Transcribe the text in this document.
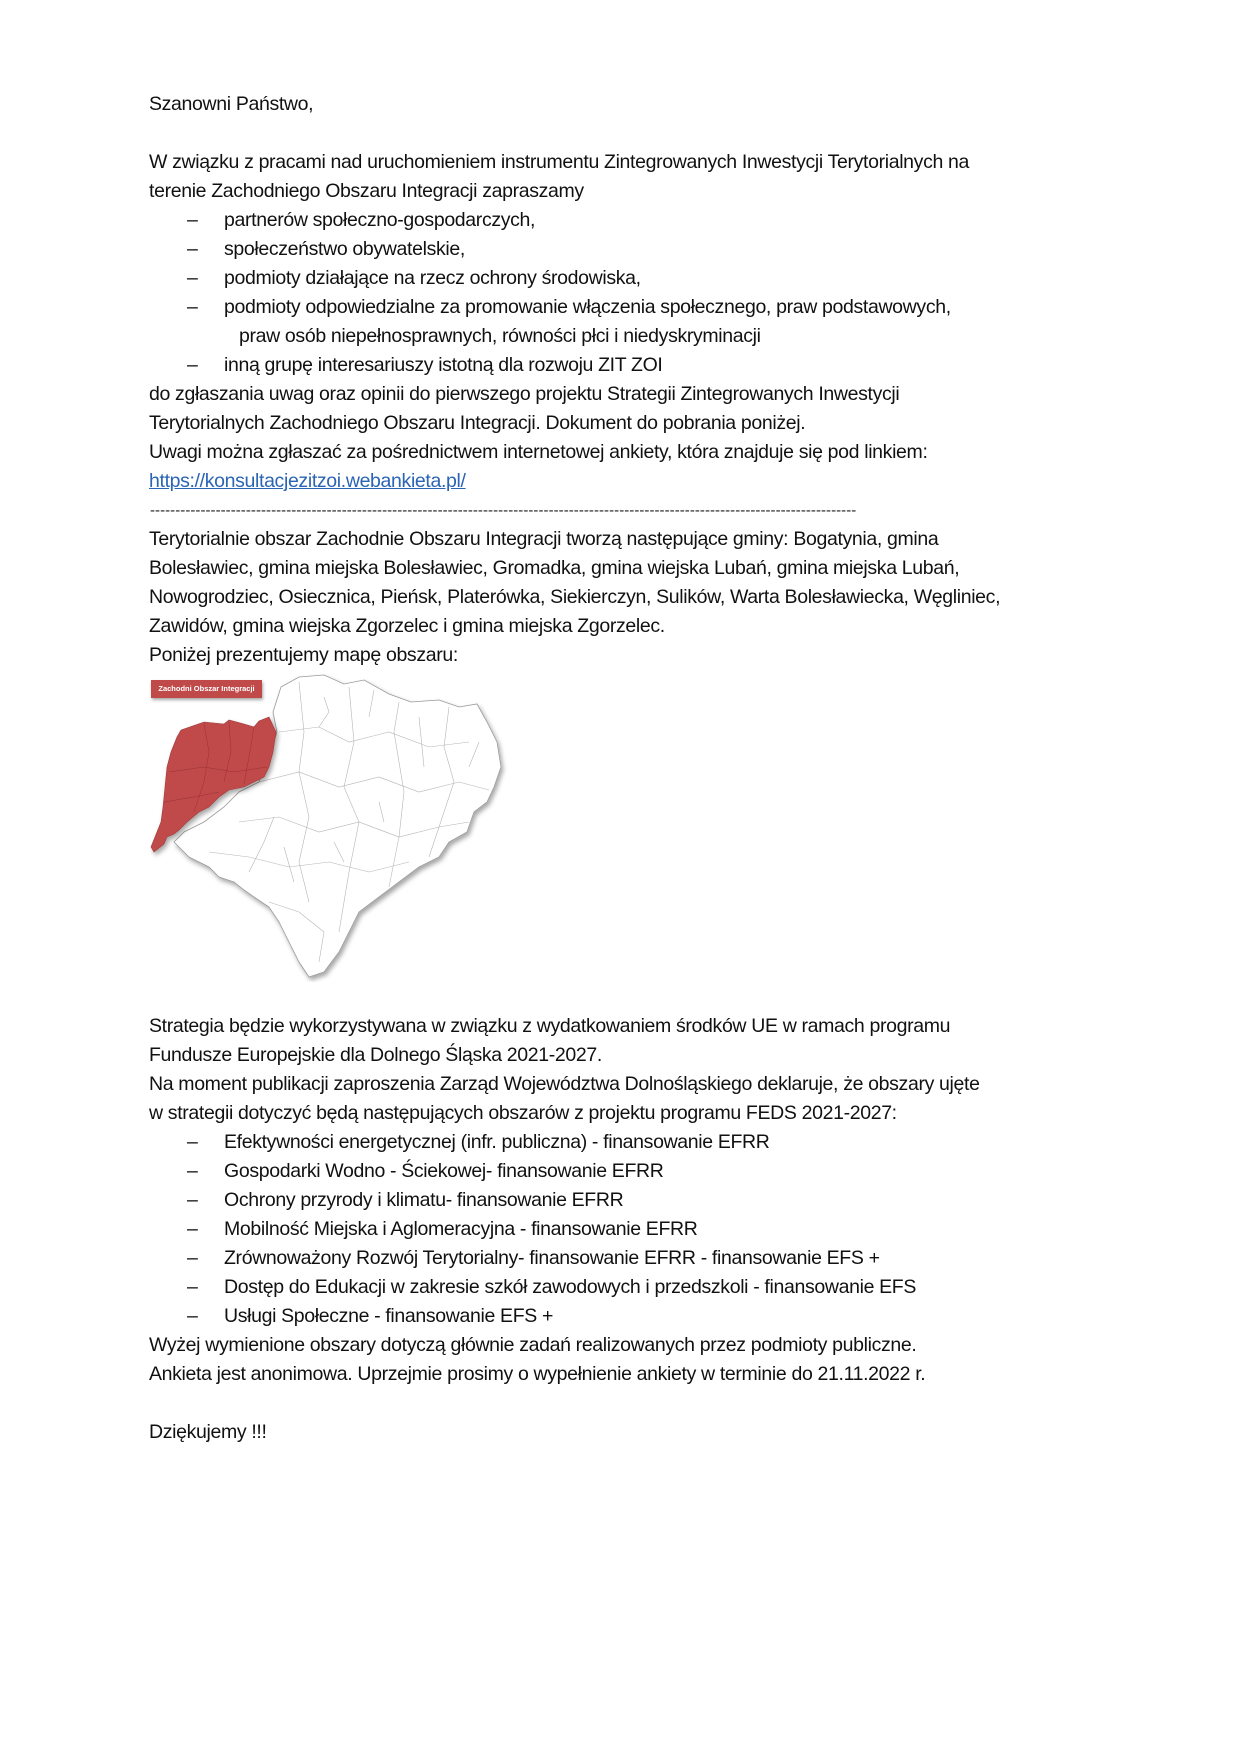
Szanowni Państwo,
W związku z pracami nad uruchomieniem instrumentu Zintegrowanych Inwestycji Terytorialnych na
terenie Zachodniego Obszaru Integracji zapraszamy
– partnerów społeczno-gospodarczych,
– społeczeństwo obywatelskie,
– podmioty działające na rzecz ochrony środowiska,
– podmioty odpowiedzialne za promowanie włączenia społecznego, praw podstawowych,
praw osób niepełnosprawnych, równości płci i niedyskryminacji
– inną grupę interesariuszy istotną dla rozwoju ZIT ZOI
do zgłaszania uwag oraz opinii do pierwszego projektu Strategii Zintegrowanych Inwestycji
Terytorialnych Zachodniego Obszaru Integracji. Dokument do pobrania poniżej.
Uwagi można zgłaszać za pośrednictwem internetowej ankiety, która znajduje się pod linkiem:
https://konsultacjezitzoi.webankieta.pl/
--------------------------------------------------------------------------------------------------------------------------------------------
Terytorialnie obszar Zachodnie Obszaru Integracji tworzą następujące gminy: Bogatynia, gmina
Bolesławiec, gmina miejska Bolesławiec, Gromadka, gmina wiejska Lubań, gmina miejska Lubań,
Nowogrodziec, Osiecznica, Pieńsk, Platerówka, Siekierczyn, Sulików, Warta Bolesławiecka, Węgliniec,
Zawidów, gmina wiejska Zgorzelec i gmina miejska Zgorzelec.
Poniżej prezentujemy mapę obszaru:
Zachodni Obszar Integracji
Strategia będzie wykorzystywana w związku z wydatkowaniem środków UE w ramach programu
Fundusze Europejskie dla Dolnego Śląska 2021-2027.
Na moment publikacji zaproszenia Zarząd Województwa Dolnośląskiego deklaruje, że obszary ujęte
w strategii dotyczyć będą następujących obszarów z projektu programu FEDS 2021-2027:
– Efektywności energetycznej (infr. publiczna) - finansowanie EFRR
– Gospodarki Wodno - Ściekowej- finansowanie EFRR
– Ochrony przyrody i klimatu- finansowanie EFRR
– Mobilność Miejska i Aglomeracyjna - finansowanie EFRR
– Zrównoważony Rozwój Terytorialny- finansowanie EFRR - finansowanie EFS +
– Dostęp do Edukacji w zakresie szkół zawodowych i przedszkoli - finansowanie EFS
– Usługi Społeczne - finansowanie EFS +
Wyżej wymienione obszary dotyczą głównie zadań realizowanych przez podmioty publiczne.
Ankieta jest anonimowa. Uprzejmie prosimy o wypełnienie ankiety w terminie do 21.11.2022 r.
Dziękujemy !!!
